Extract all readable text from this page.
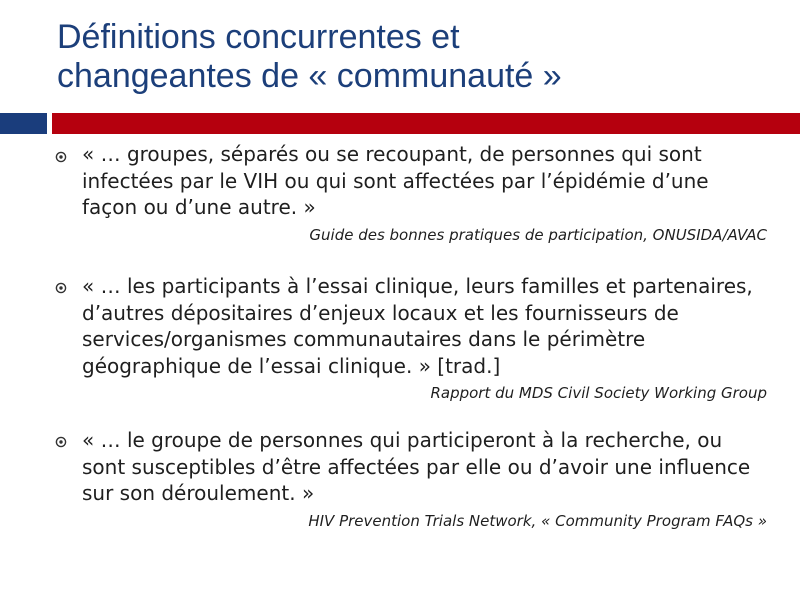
Définitions concurrentes et
changeantes de « communauté »

« … groupes, séparés ou se recoupant, de personnes qui sont
infectées par le VIH ou qui sont affectées par l’épidémie d’une
façon ou d’une autre. »

Guide des bonnes pratiques de participation, ONUSIDA/AVAC

« … les participants à l’essai clinique, leurs familles et partenaires,
d’autres dépositaires d’enjeux locaux et les fournisseurs de
services/organismes communautaires dans le périmètre
géographique de l’essai clinique. » [trad.]

Rapport du MDS Civil Society Working Group

« … le groupe de personnes qui participeront à la recherche, ou
sont susceptibles d’être affectées par elle ou d’avoir une influence
sur son déroulement. »

HIV Prevention Trials Network, « Community Program FAQs »
